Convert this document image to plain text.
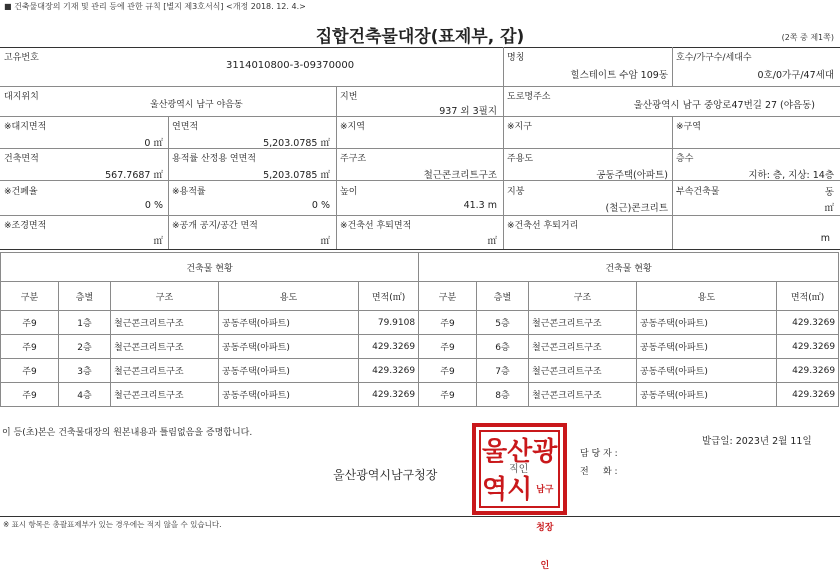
■ 건축물대장의 기재 및 관리 등에 관한 규칙 [별지 제3호서식] <개정 2018. 12. 4.>
집합건축물대장(표제부, 갑)	(2쪽 중 제1쪽)
고유번호
3114010800-3-09370000
명칭
힐스테이트 수암 109동
호수/가구수/세대수
0호/0가구/47세대
대지위치
울산광역시 남구 야음동
지번
937 외 3필지
도로명주소
울산광역시 남구 중앙로47번길 27 (야음동)
※대지면적
0 ㎡
연면적
5,203.0785 ㎡
※지역	※지구	※구역
건축면적
567.7687 ㎡
용적률 산정용 연면적
5,203.0785 ㎡
주구조
철근콘크리트구조
주용도
공동주택(아파트)
층수
지하: 층, 지상: 14층
※건폐율
0 %
※용적률
0 %
높이
41.3 m
지붕
(철근)콘크리트
부속건축물	동
㎡
※조경면적
㎡
※공개 공지/공간 면적
㎡
※건축선 후퇴면적
㎡
※건축선 후퇴거리
m
건축물 현황				
구분	층별	구조	용도	면적(㎡)
주9	1층	철근콘크리트구조	공동주택(아파트)	79.9108
주9	2층	철근콘크리트구조	공동주택(아파트)	429.3269
주9	3층	철근콘크리트구조	공동주택(아파트)	429.3269
주9	4층	철근콘크리트구조	공동주택(아파트)	429.3269
건축물 현황				
구분	층별	구조	용도	면적(㎡)
주9	5층	철근콘크리트구조	공동주택(아파트)	429.3269
주9	6층	철근콘크리트구조	공동주택(아파트)	429.3269
주9	7층	철근콘크리트구조	공동주택(아파트)	429.3269
주9	8층	철근콘크리트구조	공동주택(아파트)	429.3269
이 등(초)본은 건축물대장의 원본내용과 틀림없음을 증명합니다.
발급일: 2023년 2월 11일
울산광역시남구청장
울 산 광
역 시 남구청장인
직인
담 당 자 :
전     화 :
※ 표시 항목은 총괄표제부가 있는 경우에는 적지 않을 수 있습니다.
